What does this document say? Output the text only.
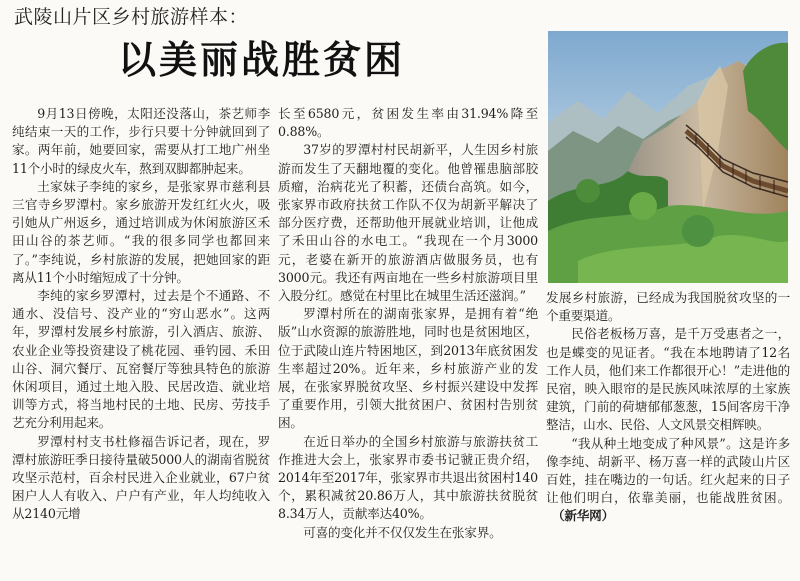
武陵山片区乡村旅游样本：
以美丽战胜贫困

9月13日傍晚，太阳还没落山，茶艺师李纯结束一天的工作，步行只要十分钟就回到了家。两年前，她要回家，需要从打工地广州坐11个小时的绿皮火车，熬到双脚都肿起来。

土家妹子李纯的家乡，是张家界市慈利县三官寺乡罗潭村。家乡旅游开发红红火火，吸引她从广州返乡，通过培训成为休闲旅游区禾田山谷的茶艺师。“我的很多同学也都回来了。”李纯说，乡村旅游的发展，把她回家的距离从11个小时缩短成了十分钟。

李纯的家乡罗潭村，过去是个不通路、不通水、没信号、没产业的“穷山恶水”。这两年，罗潭村发展乡村旅游，引入酒店、旅游、农业企业等投资建设了桃花园、垂钓园、禾田山谷、洞穴餐厅、瓦窑餐厅等独具特色的旅游休闲项目，通过土地入股、民居改造、就业培训等方式，将当地村民的土地、民房、劳技手艺充分利用起来。

罗潭村村支书杜修福告诉记者，现在，罗潭村旅游旺季日接待量破5000人的湖南省脱贫攻坚示范村，百余村民进入企业就业，67户贫困户人人有收入、户户有产业，年人均纯收入从2140元增

长至6580元，贫困发生率由31.94%降至0.88%。

37岁的罗潭村村民胡新平，人生因乡村旅游而发生了天翻地覆的变化。他曾罹患脑部胶质瘤，治病花光了积蓄，还债台高筑。如今，张家界市政府扶贫工作队不仅为胡新平解决了部分医疗费，还帮助他开展就业培训，让他成了禾田山谷的水电工。“我现在一个月3000元，老婆在新开的旅游酒店做服务员，也有3000元。我还有两亩地在一些乡村旅游项目里入股分红。感觉在村里比在城里生活还滋润。”

罗潭村所在的湖南张家界，是拥有着“绝版”山水资源的旅游胜地，同时也是贫困地区，位于武陵山连片特困地区，到2013年底贫困发生率超过20%。近年来，乡村旅游产业的发展，在张家界脱贫攻坚、乡村振兴建设中发挥了重要作用，引领大批贫困户、贫困村告别贫困。

在近日举办的全国乡村旅游与旅游扶贫工作推进大会上，张家界市委书记虢正贵介绍，2014年至2017年，张家界市共退出贫困村140个，累积减贫20.86万人，其中旅游扶贫脱贫8.34万人，贡献率达40%。

可喜的变化并不仅仅发生在张家界。

发展乡村旅游，已经成为我国脱贫攻坚的一个重要渠道。

民俗老板杨万喜，是千万受惠者之一，也是蝶变的见证者。“我在本地聘请了12名工作人员，他们来工作都很开心！”走进他的民宿，映入眼帘的是民族风味浓厚的土家族建筑，门前的荷塘郁郁葱葱，15间客房干净整洁，山水、民俗、人文风景交相辉映。

“我从种土地变成了种风景”。这是许多像李纯、胡新平、杨万喜一样的武陵山片区百姓，挂在嘴边的一句话。红火起来的日子让他们明白，依靠美丽，也能战胜贫困。（新华网）
